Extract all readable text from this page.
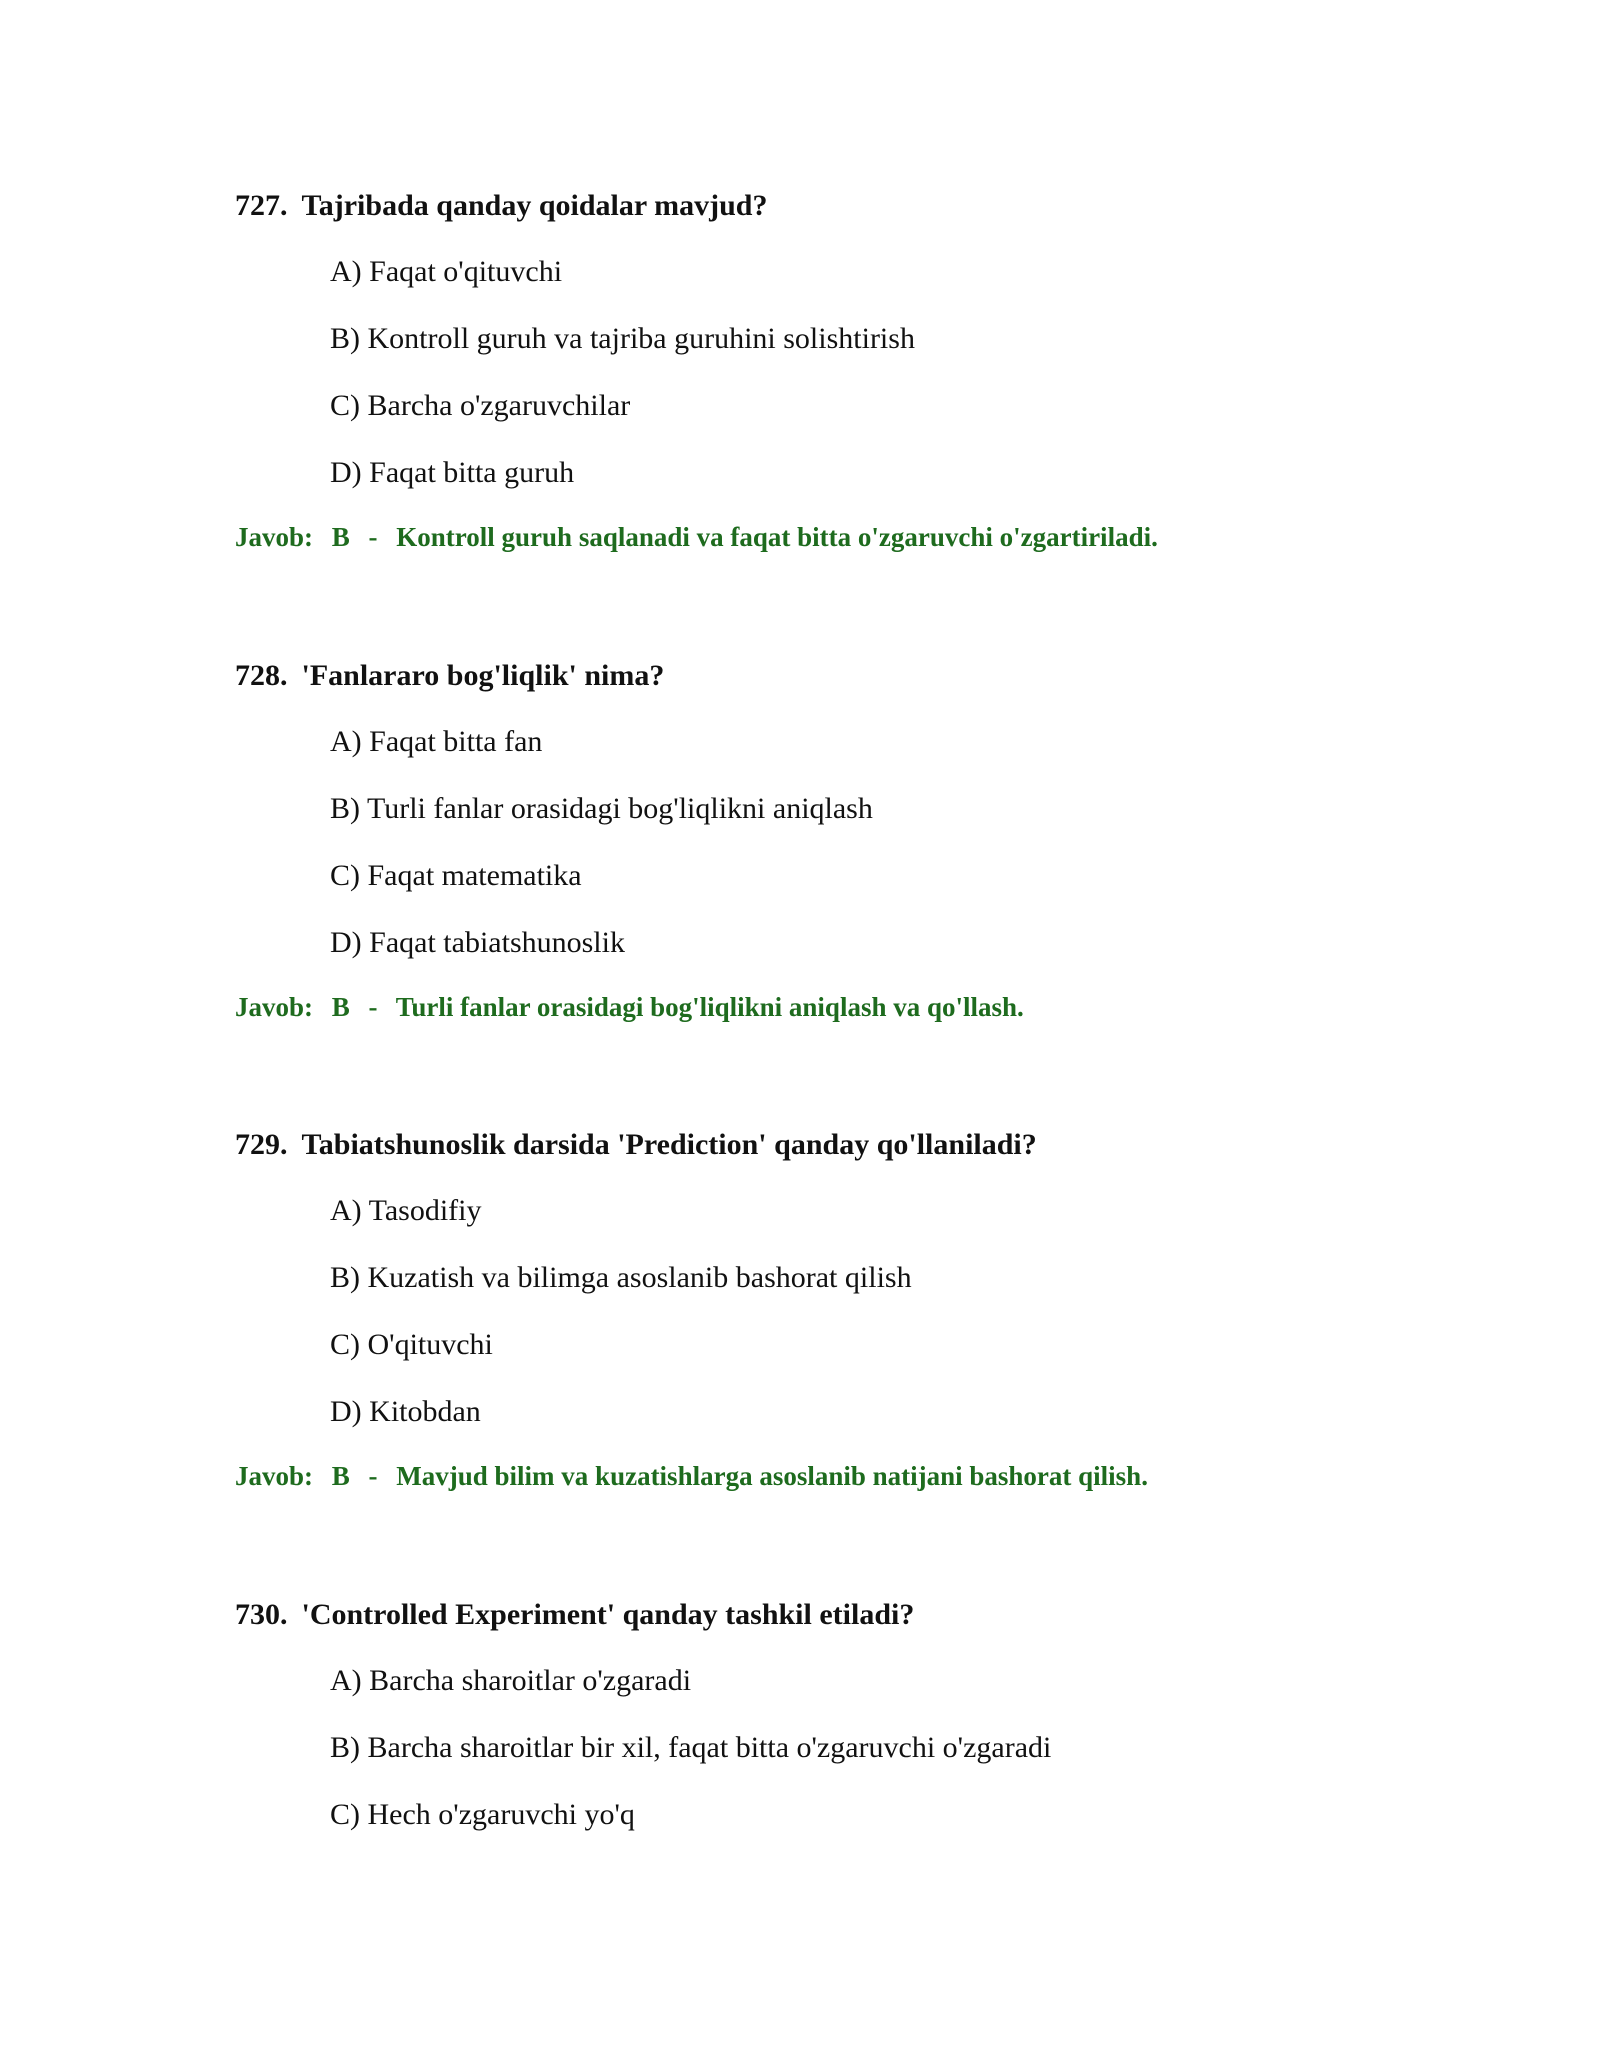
727. Tajribada qanday qoidalar mavjud?
A) Faqat o'qituvchi
B) Kontroll guruh va tajriba guruhini solishtirish
C) Barcha o'zgaruvchilar
D) Faqat bitta guruh
Javob: B - Kontroll guruh saqlanadi va faqat bitta o'zgaruvchi o'zgartiriladi.
728. 'Fanlararo bog'liqlik' nima?
A) Faqat bitta fan
B) Turli fanlar orasidagi bog'liqlikni aniqlash
C) Faqat matematika
D) Faqat tabiatshunoslik
Javob: B - Turli fanlar orasidagi bog'liqlikni aniqlash va qo'llash.
729. Tabiatshunoslik darsida 'Prediction' qanday qo'llaniladi?
A) Tasodifiy
B) Kuzatish va bilimga asoslanib bashorat qilish
C) O'qituvchi
D) Kitobdan
Javob: B - Mavjud bilim va kuzatishlarga asoslanib natijani bashorat qilish.
730. 'Controlled Experiment' qanday tashkil etiladi?
A) Barcha sharoitlar o'zgaradi
B) Barcha sharoitlar bir xil, faqat bitta o'zgaruvchi o'zgaradi
C) Hech o'zgaruvchi yo'q
